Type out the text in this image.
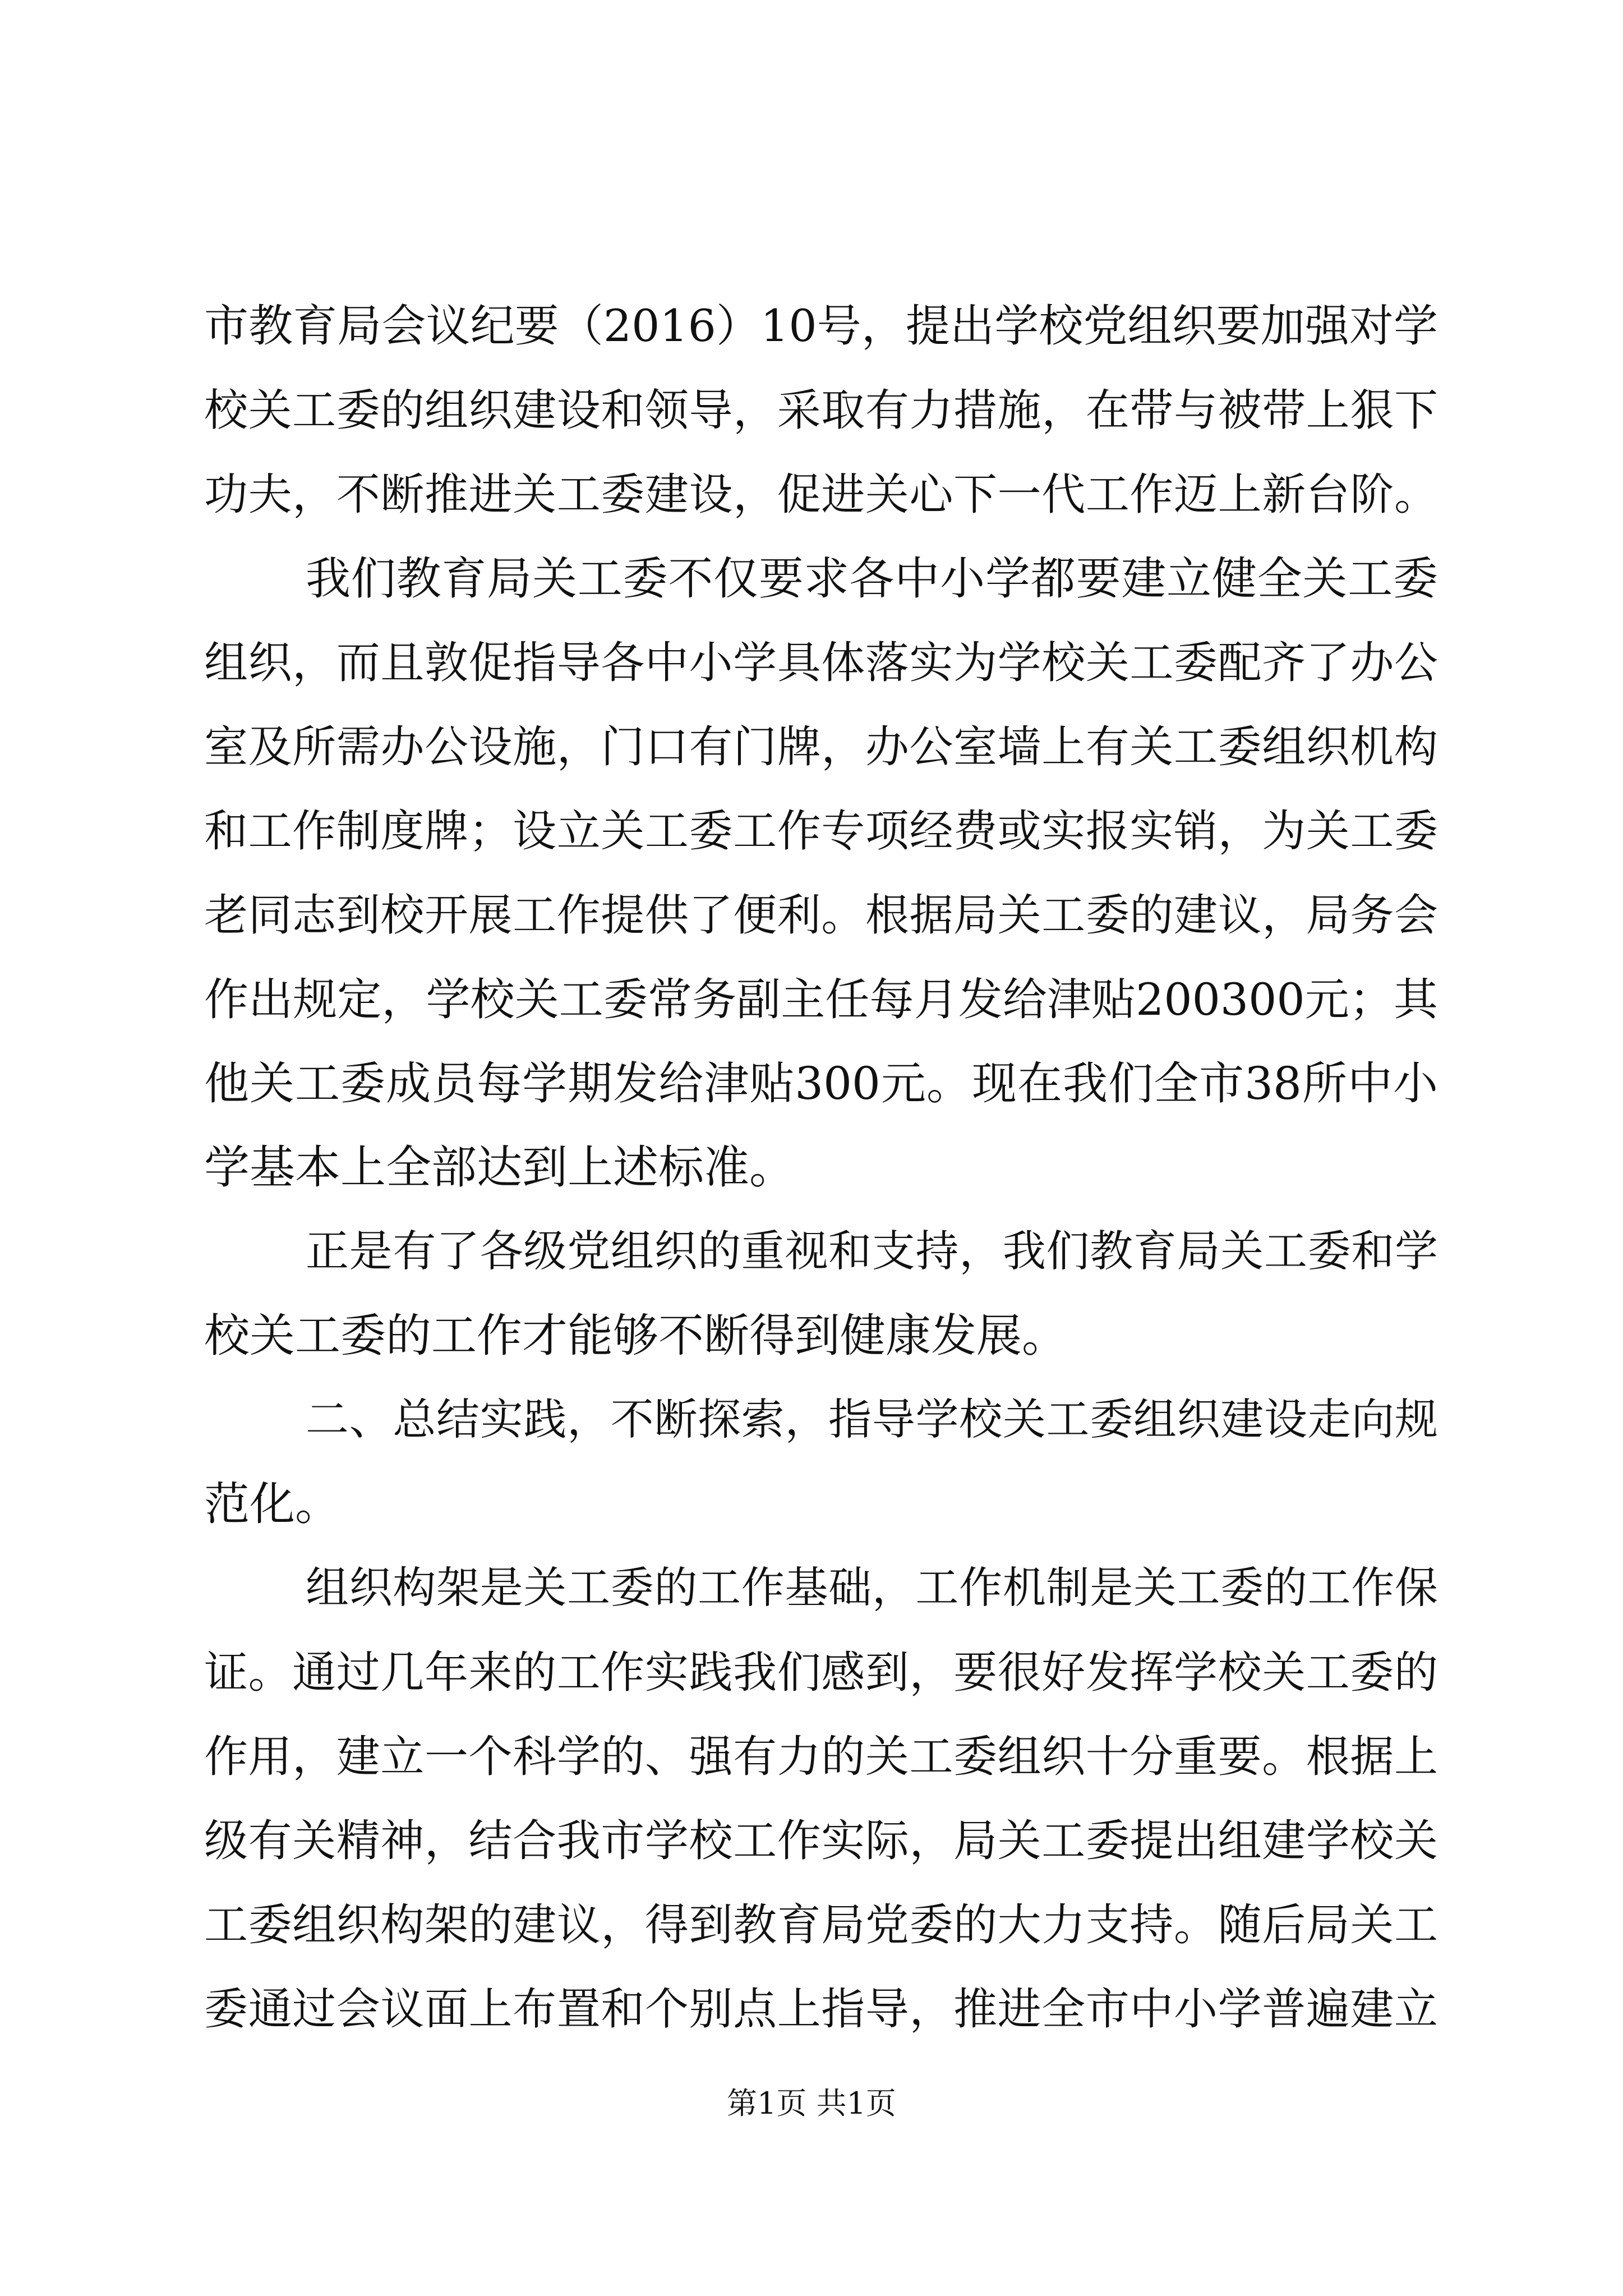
市教育局会议纪要（2016）10号，提出学校党组织要加强对学
校关工委的组织建设和领导，采取有力措施，在带与被带上狠下
功夫，不断推进关工委建设，促进关心下一代工作迈上新台阶。
我们教育局关工委不仅要求各中小学都要建立健全关工委
组织，而且敦促指导各中小学具体落实为学校关工委配齐了办公
室及所需办公设施，门口有门牌，办公室墙上有关工委组织机构
和工作制度牌；设立关工委工作专项经费或实报实销，为关工委
老同志到校开展工作提供了便利。根据局关工委的建议，局务会
作出规定，学校关工委常务副主任每月发给津贴200300元；其
他关工委成员每学期发给津贴300元。现在我们全市38所中小
学基本上全部达到上述标准。
正是有了各级党组织的重视和支持，我们教育局关工委和学
校关工委的工作才能够不断得到健康发展。
二、总结实践，不断探索，指导学校关工委组织建设走向规
范化。
组织构架是关工委的工作基础，工作机制是关工委的工作保
证。通过几年来的工作实践我们感到，要很好发挥学校关工委的
作用，建立一个科学的、强有力的关工委组织十分重要。根据上
级有关精神，结合我市学校工作实际，局关工委提出组建学校关
工委组织构架的建议，得到教育局党委的大力支持。随后局关工
委通过会议面上布置和个别点上指导，推进全市中小学普遍建立
第1页 共1页
